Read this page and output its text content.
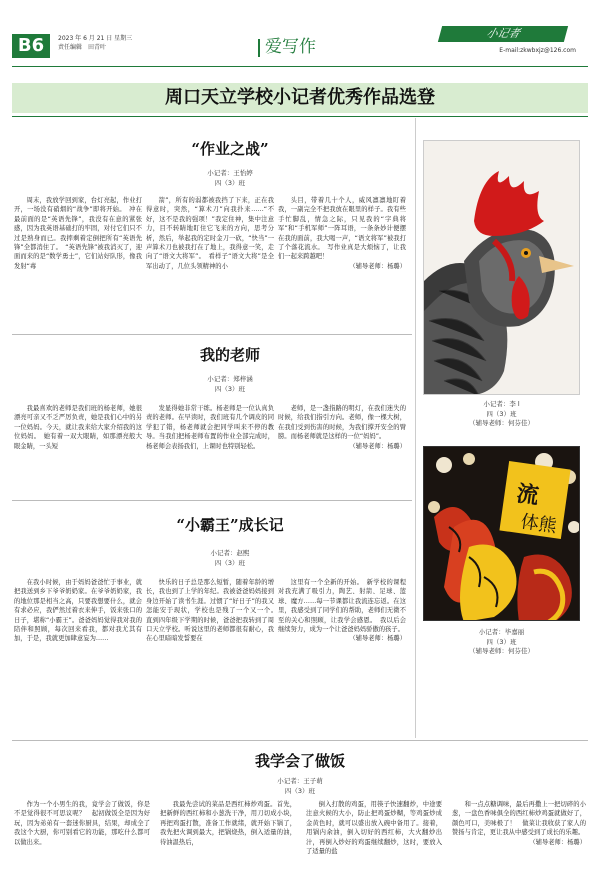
B6	2023 年 6 月 21 日 星期三
责任编辑　田青叶	爱写作
小记者
E-mail:zkwbxjz@126.com
周口天立学校小记者优秀作品选登
“作业之战”
小记者：王怡婷
四（3）班
周末，我放学回到家，台灯亮起，作业打开，一场没有硝烟的“战争”即将开始。　冲在最前面的是“英语先锋”，我没有在意的紧张感，因为我英语基础打的牢固，对付它们只不过是熟身而已。我摔剩着定倒把所有“英语先锋”全都消住了。　“英语先锋”被我消灭了，迎面而来的是“数学勇士”，它们站好队形，像我发射“毒
箭”，所有的弱都被我挡了下来，正在我得意时，突然，“算术刀”向我扑来……“不好，这不是我的强项！”我定住神，集中注意力，目不转睛地盯住它飞来的方向，思考分析，然后，举起我的定时金刀一砍，“快当”一声算术刀也被我打在了地上，我得意一笑，走向了“语文大将军”。　看样子“语文大将”是全军出动了，几位头领精神的小
头目，带着几十个人，威风凛凛地盯着我，一副完全不把我放在眼里的样子。我有些手忙脚乱，情急之际，只见我的“字典将军”和“手机军师”一阵耳语，一条条妙计便摆在我的面前，我大喝一声，“语文将军”被我打了个落花流水。　写作业真是大烦恼了，让我们一起来跨越吧！
（辅导老师：杨璐）
我的老师
小记者：郑梓涵
四（3）班
我最喜欢的老师是我们班的杨老师，她很漂亮可亲又不乏严厉负责，她是我们心中的另一位妈妈。今天，就让我来给大家介绍我的这位妈妈。　她有着一双大眼睛，如那漂亮般大眼金睛，一头短
发显得她非常干练。杨老师是一位认真负责的老师。在早读时，我们班有几个调皮的同学犯了错，杨老师就会把同学叫来不停的教导。当我们把杨老师布置的作业全部完成时，杨老师会表扬我们，上课时也特别轻松。
老师，是一盏指路的明灯，在我们迷失的时候，给我们指引方向。老师，像一棵大树，在我们受到伤害的时候，为我们撑开安全的臂膀。而杨老师就是这样的一位“妈妈”。
（辅导老师：杨璐）
“小霸王”成长记
小记者：赵熙
四（3）班
在我小时候，由于妈妈爸爸忙于事业，就把我送到乡下爷爷奶奶家。在爷爷奶奶家，我的地位那是相当之高，只要我想要什么，就会有求必应，我俨然过着衣来伸手，饭来张口的日子，堪称“小霸王”。爸爸妈妈觉得我对我的陪伴和照顾，每次回来看我，都对我尤其有加，于是，我就更加肆意妄为……
快乐的日子总是那么短暂，随着年龄的增长，我也到了上学的年纪。我被爸爸妈妈接到身边开始了读书生涯。过惯了“好日子”的我又怎能安于现状，学校也是残了一个又一个。　直到四年级下学期的时候，爸爸把我转到了周口天立学校。听说这里的老师都很有耐心，我在心里暗暗发誓要在
这里有一个全新的开始。　新学校的课程对我充满了吸引力，陶艺、射箭、足球、篮球、魔方……每一节课都让我流连忘返。在这里，我感受到了同学们的帮助，老师们无微不至的关心和照顾，让我学会感恩。　我以后会继续努力，成为一个让爸爸妈妈骄傲的孩子。
（辅导老师：杨璐）
小记者：李 l
四（3）班
（辅导老师：何芬佳）
流
体熊
小记者：毕嘉丽
四（3）班
（辅导老师：何芬佳）
我学会了做饭
小记者：王子萌
四（3）班
作为一个小男生的我，竟学会了做饭，你是不是觉得很不可思议呢？　起初做饭全是因为好玩，因为弟弟有一套迷你厨具，结果，却成全了我这个大厨，你可别看它的功能，那吃什么都可以做出来。
我最先尝试的菜品是西红柿炒鸡蛋。首先，把新鲜的西红柿和小葱洗干净，用刀切成小块，再把鸡蛋打散，准备工作就绪，就开始下锅了，我先把火调到最大，把锅烧热，倒入适量的油，待油温热后，
倒入打散的鸡蛋，用筷子快速翻炒，中途要注意火候的大小，防止把鸡蛋炒糊，等鸡蛋炒成金黄色时，就可以盛出放入碗中备用了。接着，用锅内余油，倒入切好的西红柿，大火翻炒出汁，再倒入炒好的鸡蛋继续翻炒，这时，要放入了适量的盐
和一点点糖调味，最后再撒上一把切碎的小葱，一盘色香味俱全的西红柿炒鸡蛋就做好了，颜色可口，美味极了！　做菜让我收获了家人的赞扬与肯定，更让我从中感受到了成长的乐趣。
（辅导老师：杨璐）
